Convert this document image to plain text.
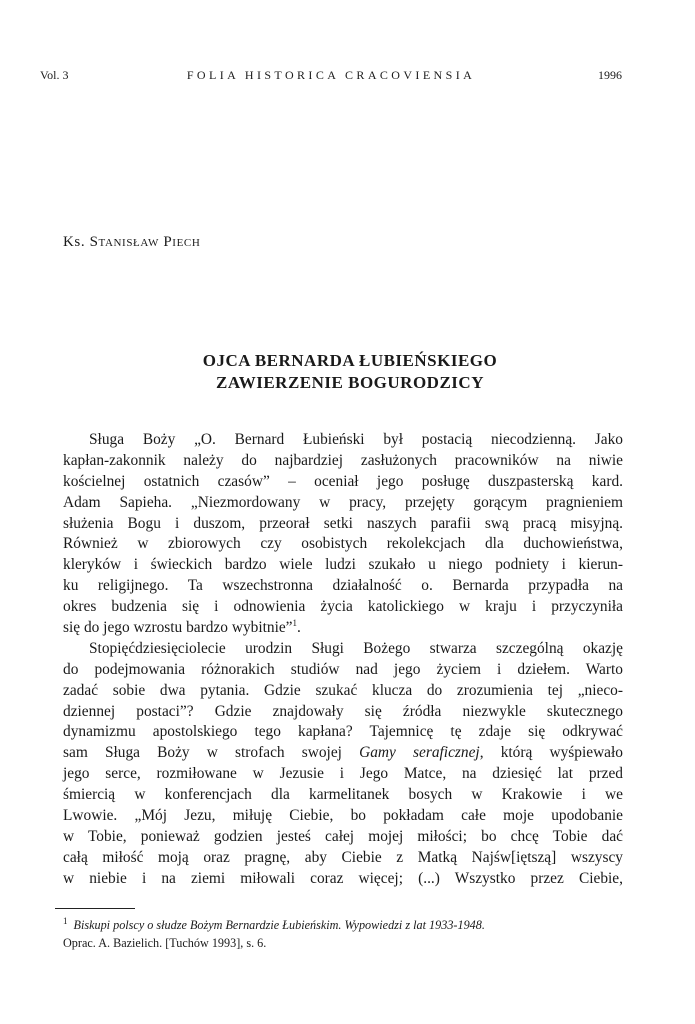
Vol. 3	FOLIA HISTORICA CRACOVIENSIA	1996
Ks. Stanisław Piech
OJCA BERNARDA ŁUBIEŃSKIEGO
ZAWIERZENIE BOGURODZICY
Sługa Boży „O. Bernard Łubieński był postacią niecodzienną. Jako
kapłan-zakonnik należy do najbardziej zasłużonych pracowników na niwie
kościelnej ostatnich czasów” – oceniał jego posługę duszpasterską kard.
Adam Sapieha. „Niezmordowany w pracy, przejęty gorącym pragnieniem
służenia Bogu i duszom, przeorał setki naszych parafii swą pracą misyjną.
Również w zbiorowych czy osobistych rekolekcjach dla duchowieństwa,
kleryków i świeckich bardzo wiele ludzi szukało u niego podniety i kierun-
ku religijnego. Ta wszechstronna działalność o. Bernarda przypadła na
okres budzenia się i odnowienia życia katolickiego w kraju i przyczyniła
się do jego wzrostu bardzo wybitnie”$^1$.
Stopięćdziesięciolecie urodzin Sługi Bożego stwarza szczególną okazję
do podejmowania różnorakich studiów nad jego życiem i dziełem. Warto
zadać sobie dwa pytania. Gdzie szukać klucza do zrozumienia tej „nieco-
dziennej postaci”? Gdzie znajdowały się źródła niezwykle skutecznego
dynamizmu apostolskiego tego kapłana? Tajemnicę tę zdaje się odkrywać
sam Sługa Boży w strofach swojej Gamy seraficznej, którą wyśpiewało
jego serce, rozmiłowane w Jezusie i Jego Matce, na dziesięć lat przed
śmiercią w konferencjach dla karmelitanek bosych w Krakowie i we
Lwowie. „Mój Jezu, miłuję Ciebie, bo pokładam całe moje upodobanie
w Tobie, ponieważ godzien jesteś całej mojej miłości; bo chcę Tobie dać
całą miłość moją oraz pragnę, aby Ciebie z Matką Najśw[iętszą] wszyscy
w niebie i na ziemi miłowali coraz więcej; (...) Wszystko przez Ciebie,
$^1$ Biskupi polscy o słudze Bożym Bernardzie Łubieńskim. Wypowiedzi z lat 1933-1948.
Oprac. A. Bazielich. [Tuchów 1993], s. 6.
